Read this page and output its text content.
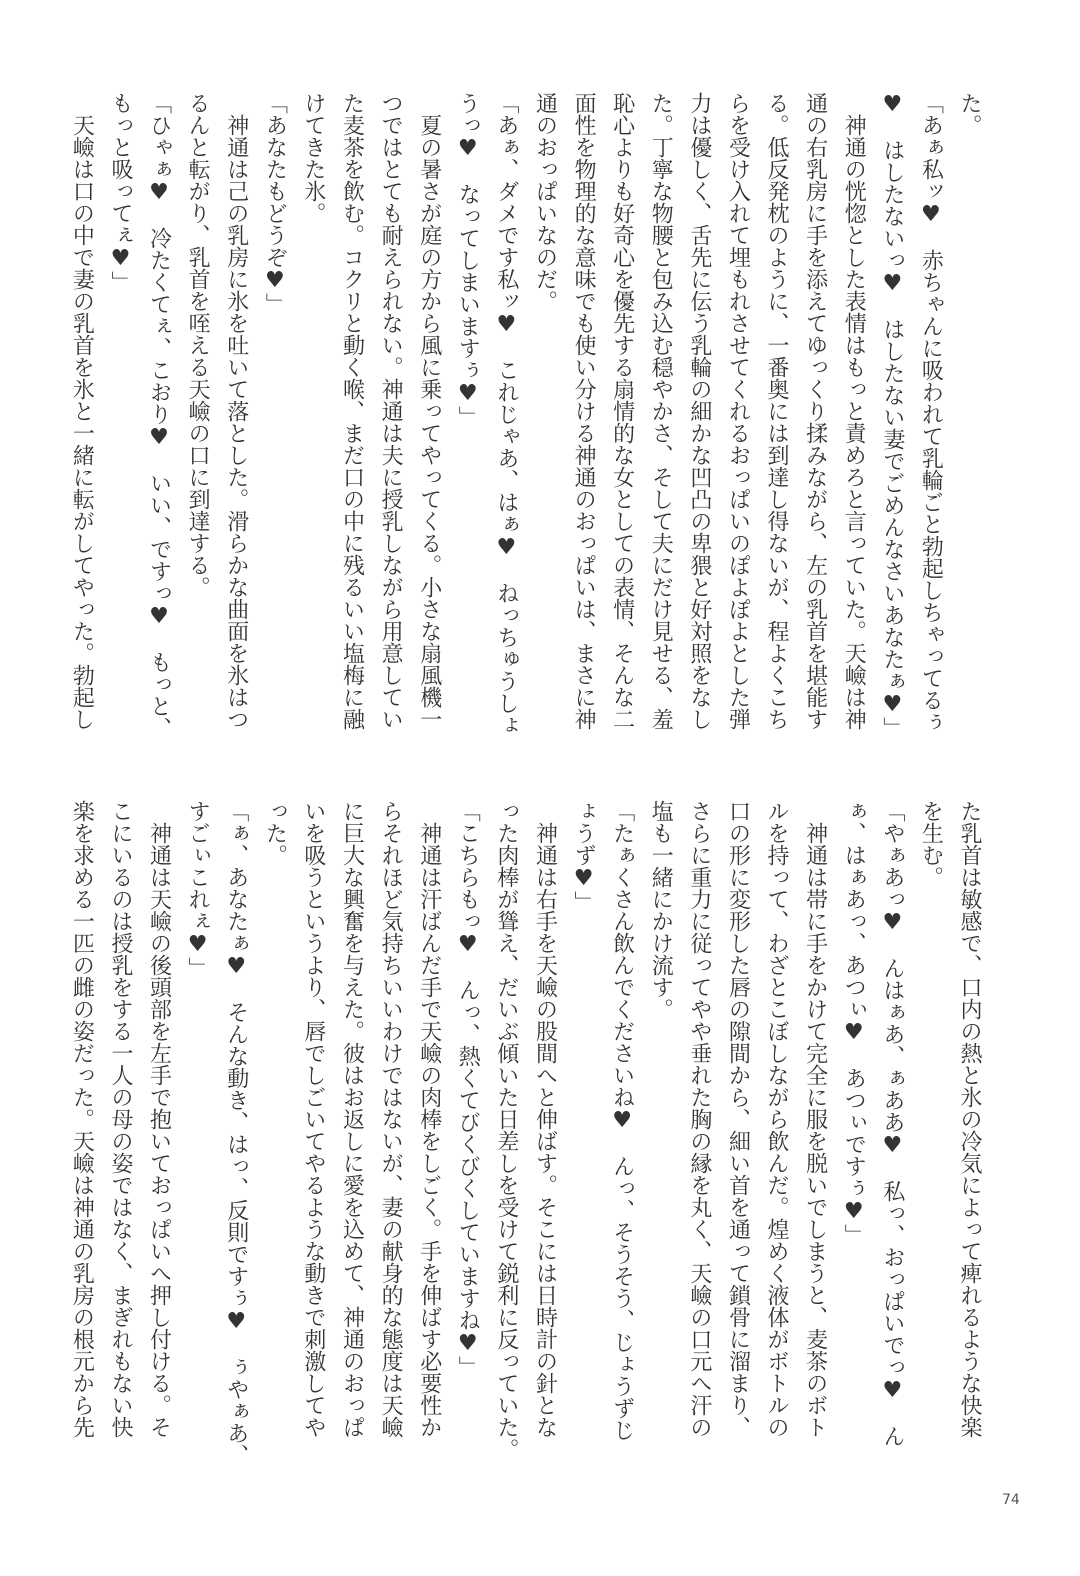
た。
「あぁ私ッ♥　赤ちゃんに吸われて乳輪ごと勃起しちゃってるぅ
♥　はしたないっ♥　はしたない妻でごめんなさいあなたぁ♥」
　神通の恍惚とした表情はもっと責めろと言っていた。天嶮は神
通の右乳房に手を添えてゆっくり揉みながら、左の乳首を堪能す
る。低反発枕のように、一番奥には到達し得ないが、程よくこち
らを受け入れて埋もれさせてくれるおっぱいのぽよぽよとした弾
力は優しく、舌先に伝う乳輪の細かな凹凸の卑猥と好対照をなし
た。丁寧な物腰と包み込む穏やかさ、そして夫にだけ見せる、羞
恥心よりも好奇心を優先する扇情的な女としての表情、そんな二
面性を物理的な意味でも使い分ける神通のおっぱいは、まさに神
通のおっぱいなのだ。
「あぁ、ダメです私ッ♥　これじゃあ、はぁ♥　ねっちゅうしょ
うっ♥　なってしまいますぅ♥」
　夏の暑さが庭の方から風に乗ってやってくる。小さな扇風機一
つではとても耐えられない。神通は夫に授乳しながら用意してい
た麦茶を飲む。コクリと動く喉、まだ口の中に残るいい塩梅に融
けてきた氷。
「あなたもどうぞ♥」
　神通は己の乳房に氷を吐いて落とした。滑らかな曲面を氷はつ
るんと転がり、乳首を咥える天嶮の口に到達する。
「ひゃぁ♥　冷たくてぇ、こおり♥　いい、ですっ♥　もっと、
もっと吸ってぇ♥」
　天嶮は口の中で妻の乳首を氷と一緒に転がしてやった。勃起し
た乳首は敏感で、口内の熱と氷の冷気によって痺れるような快楽
を生む。
「やぁあっ♥　んはぁあ、ぁああ♥　私っ、おっぱいでっ♥　ん
ぁ、はぁあっ、あつぃ♥　あつぃですぅ♥」
　神通は帯に手をかけて完全に服を脱いでしまうと、麦茶のボト
ルを持って、わざとこぼしながら飲んだ。煌めく液体がボトルの
口の形に変形した唇の隙間から、細い首を通って鎖骨に溜まり、
さらに重力に従ってやや垂れた胸の縁を丸く、天嶮の口元へ汗の
塩も一緒にかけ流す。
「たぁくさん飲んでくださいね♥　んっ、そうそう、じょうずじ
ょうず♥」
　神通は右手を天嶮の股間へと伸ばす。そこには日時計の針とな
った肉棒が聳え、だいぶ傾いた日差しを受けて鋭利に反っていた。
「こちらもっ♥　んっ、熱くてびくびくしていますね♥」
　神通は汗ばんだ手で天嶮の肉棒をしごく。手を伸ばす必要性か
らそれほど気持ちいいわけではないが、妻の献身的な態度は天嶮
に巨大な興奮を与えた。彼はお返しに愛を込めて、神通のおっぱ
いを吸うというより、唇でしごいてやるような動きで刺激してや
った。
「ぁ、あなたぁ♥　そんな動き、はっ、反則ですぅ♥　ぅやぁあ、
すごぃこれぇ♥」
　神通は天嶮の後頭部を左手で抱いておっぱいへ押し付ける。そ
こにいるのは授乳をする一人の母の姿ではなく、まぎれもない快
楽を求める一匹の雌の姿だった。天嶮は神通の乳房の根元から先
74
